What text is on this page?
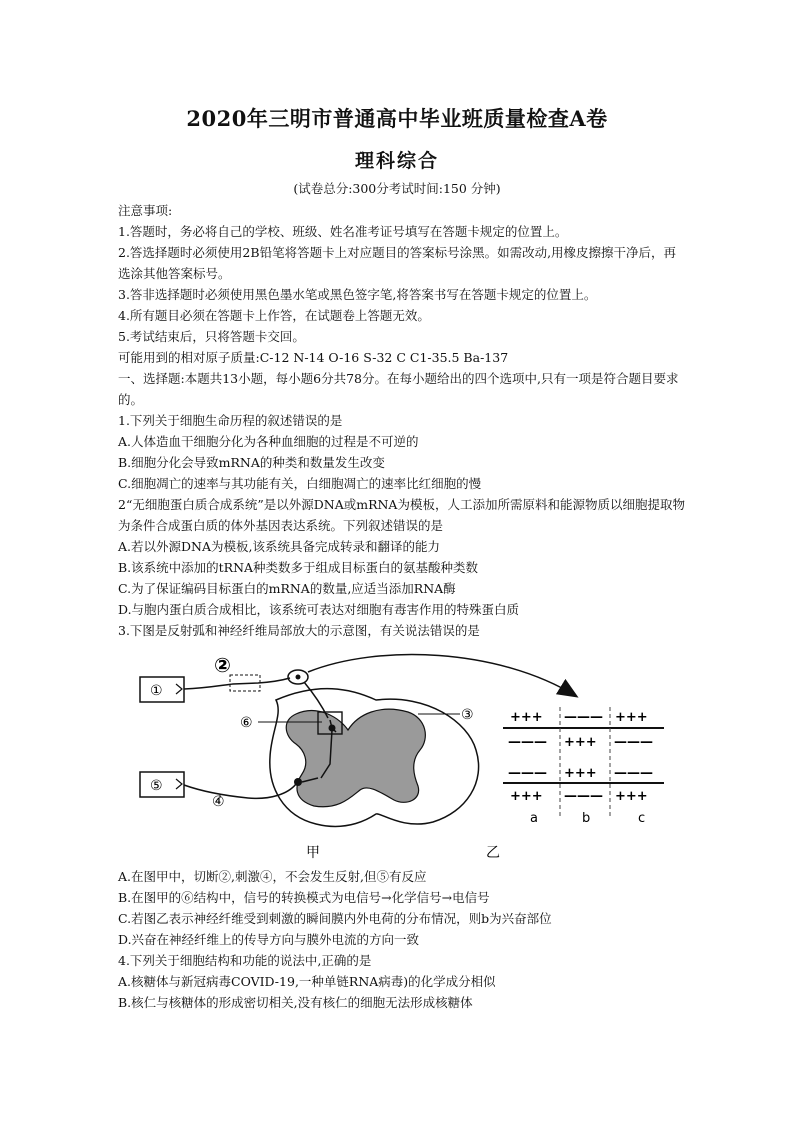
2020年三明市普通高中毕业班质量检查A卷
理科综合
(试卷总分:300分考试时间:150 分钟)

注意事项:

1.答题时，务必将自己的学校、班级、姓名准考证号填写在答题卡规定的位置上。

2.答选择题时必须使用2B铅笔将答题卡上对应题目的答案标号涂黑。如需改动,用橡皮擦擦干净后，再选涂其他答案标号。

3.答非选择题时必须使用黑色墨水笔或黑色签字笔,将答案书写在答题卡规定的位置上。

4.所有题目必须在答题卡上作答，在试题卷上答题无效。

5.考试结束后，只将答题卡交回。

可能用到的相对原子质量:C-12 N-14 O-16 S-32 C C1-35.5 Ba-137

一、选择题:本题共13小题，每小题6分共78分。在每小题给出的四个选项中,只有一项是符合题目要求的。

1.下列关于细胞生命历程的叙述错误的是

A.人体造血干细胞分化为各种血细胞的过程是不可逆的

B.细胞分化会导致mRNA的种类和数量发生改变

C.细胞凋亡的速率与其功能有关，白细胞凋亡的速率比红细胞的慢

2“无细胞蛋白质合成系统”是以外源DNA或mRNA为模板，人工添加所需原料和能源物质以细胞提取物为条件合成蛋白质的体外基因表达系统。下列叙述错误的是

A.若以外源DNA为模板,该系统具备完成转录和翻译的能力

B.该系统中添加的tRNA种类数多于组成目标蛋白的氨基酸种类数

C.为了保证编码目标蛋白的mRNA的数量,应适当添加RNA酶

D.与胞内蛋白质合成相比，该系统可表达对细胞有毒害作用的特殊蛋白质

3.下图是反射弧和神经纤维局部放大的示意图，有关说法错误的是

①
⑤
②
⑥	③
④
甲
+++ ——— +++
——— +++ ———
——— +++ ———
+++ ——— +++
a	b	c
乙

A.在图甲中，切断②,刺激④，不会发生反射,但⑤有反应

B.在图甲的⑥结构中，信号的转换模式为电信号→化学信号→电信号

C.若图乙表示神经纤维受到刺激的瞬间膜内外电荷的分布情况，则b为兴奋部位

D.兴奋在神经纤维上的传导方向与膜外电流的方向一致

4.下列关于细胞结构和功能的说法中,正确的是

A.核糖体与新冠病毒COVID-19,一种单链RNA病毒)的化学成分相似

B.核仁与核糖体的形成密切相关,没有核仁的细胞无法形成核糖体
